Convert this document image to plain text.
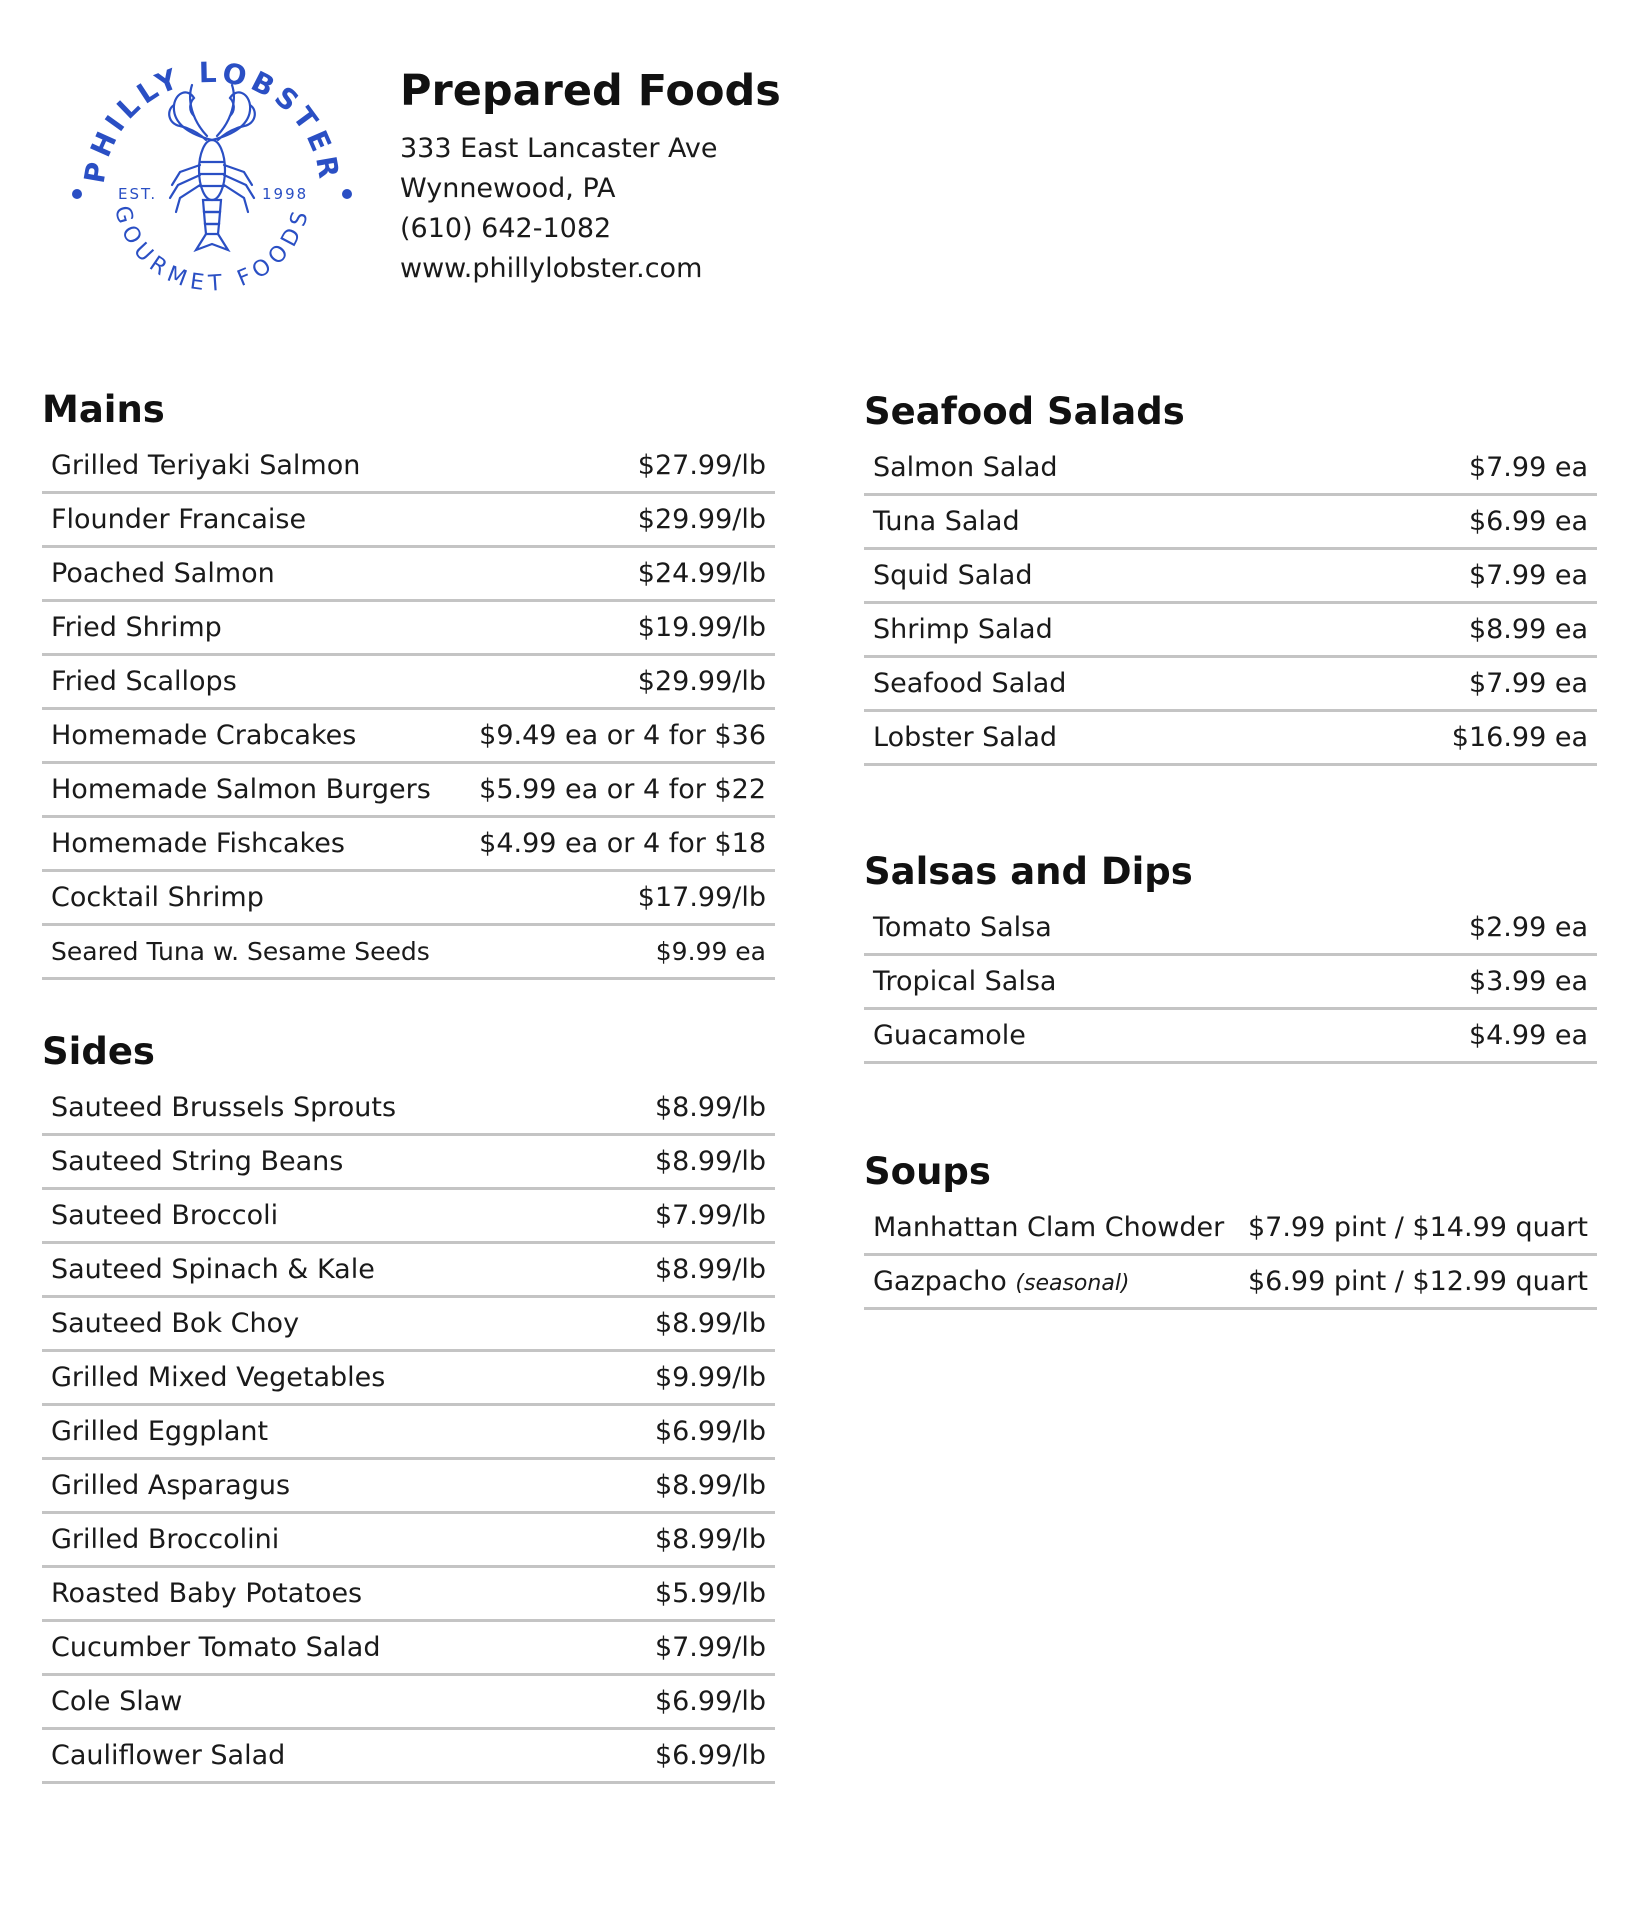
PHILLY LOBSTER
GOURMET FOODS
EST.	1998
Prepared Foods
333 East Lancaster Ave
Wynnewood, PA
(610) 642-1082
www.phillylobster.com
Mains
Grilled Teriyaki Salmon	$27.99/lb
Flounder Francaise	$29.99/lb
Poached Salmon	$24.99/lb
Fried Shrimp	$19.99/lb
Fried Scallops	$29.99/lb
Homemade Crabcakes	$9.49 ea or 4 for $36
Homemade Salmon Burgers $5.99 ea or 4 for $22
Homemade Fishcakes	$4.99 ea or 4 for $18
Cocktail Shrimp	$17.99/lb
Seared Tuna w. Sesame Seeds	$9.99 ea
Sides
Sauteed Brussels Sprouts	$8.99/lb
Sauteed String Beans	$8.99/lb
Sauteed Broccoli	$7.99/lb
Sauteed Spinach & Kale	$8.99/lb
Sauteed Bok Choy	$8.99/lb
Grilled Mixed Vegetables	$9.99/lb
Grilled Eggplant	$6.99/lb
Grilled Asparagus	$8.99/lb
Grilled Broccolini	$8.99/lb
Roasted Baby Potatoes	$5.99/lb
Cucumber Tomato Salad	$7.99/lb
Cole Slaw	$6.99/lb
Cauliflower Salad	$6.99/lb
Seafood Salads
Salmon Salad	$7.99 ea
Tuna Salad	$6.99 ea
Squid Salad	$7.99 ea
Shrimp Salad	$8.99 ea
Seafood Salad	$7.99 ea
Lobster Salad	$16.99 ea
Salsas and Dips
Tomato Salsa	$2.99 ea
Tropical Salsa	$3.99 ea
Guacamole	$4.99 ea
Soups
Manhattan Clam Chowder $7.99 pint / $14.99 quart
Gazpacho (seasonal)	$6.99 pint / $12.99 quart
